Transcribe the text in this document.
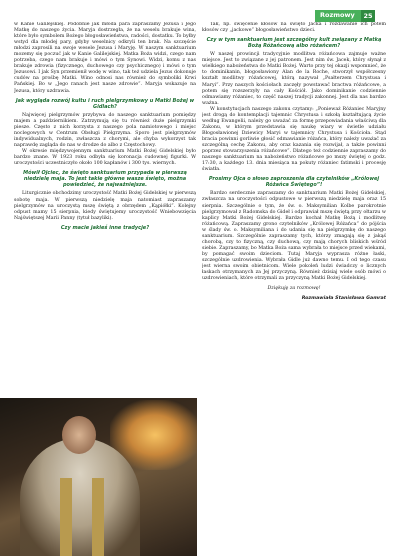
Rozmowy	25

w Kanie Galilejskiej. Podobnie jak młoda para zapraszamy Jezusa i Jego Matkę do naszego życia. Maryja dostrzegła, że na weselu brakuje wina, które było symbolem Bożego błogosławieństwa, radości, dostatku. To byłby wstyd dla młodej pary, gdyby weselnicy odkryli ten brak. Na szczęście młodzi zaprosili na swoje wesele Jezusa i Maryję. W naszym sanktuarium mozemy się poczuć jak w Kanie Galilejskiej. Matka Boża widzi, czego nam potrzeba, czego nam brakuje i mówi o tym Synowi. Widzi, komu z nas brakuje zdrowia (fizycznego, duchowego czy psychicznego) i mówi o tym Jezusowi. I jak Syn przemienił wodę w wino, tak też udziela Jezus dokonuje cudów na prośbę Matki. Wino odnosi nas również do symboliki Krwi Pańskiej. Bo w „Jego ranach jest nasze zdrowie”. Maryja wskazuje na Jezusa, który uzdrawia.

Jak wygląda rozwój kultu i ruch pielgrzymkowy u Matki Bożej w Gidlach?

Najwięcej pielgrzymów przybywa do naszego sanktuarium pomiędzy majem a październikiem. Zatrzymują się tu również duże pielgrzymki piesze. Często z nich korzysta z naszego pola namiotowego i miejsc noclegowych w Centrum Obsługi Pielgrzyma. Sporo jest pielgrzymów indywidualnych, rodzin, zwłaszcza z chorymi, ale chyba wykorzyst tak naprawdę zagląda do nas w drodze do albo z Częstochowy.

W okresie międzywojennym sanktuarium Matki Bożej Gidelskiej było bardzo znane. W 1923 roku odbyła się koronacja cudownej figurki. W uroczystości uczestniczyło około 100 kapłanów i 300 tys. wiernych.

Mówił Ojciec, że święto sanktuarium przypada w pierwszą niedzielę maja. To jest takie główne wasze święto, można powiedzieć, że najważniejsze.

Liturgicznie obchodzimy uroczystość Matki Bożej Gidelskiej w pierwszą sobotę maja. W pierwszą niedzielę maja natomiast zapraszamy pielgrzymów na uroczystą mszę świętą z obrzędem „Kąpiółki”. Kolejny odpust mamy 15 sierpnia, kiedy świętujemy uroczystość Wniebowzięcia Najświętszej Marii Panny (tytuł bazyliki).

Czy macie jakieś inne tradycje?

Tak, np. święcenie kłosów na święto Jacka i rozdawanie ich potem kłosów czy „jackowe” błogosławieństwo dzieci.

Czy w tym sanktuarium jest szczególny kult związany z Matką Bożą Różańcową albo różańcem?

W naszej prowincji tradycyjnie modlitwa różańcowa zajmuje ważne miejsce. Jest to związane z jej patronem. Jest nim św. Jacek, który słynął z wielkiego nabożeństwa do Matki Bożej. Warto przy tej okazji wspomnieć, że to dominikanin, błogosławiony Alan de la Roche, stworzył współczesny kształt modlitwy różańcowej, którą nazywał „Psałterzem Chrystusa i Maryi”. Przy naszych kościołach zaczęły powstawać bractwa różańcowe, a potem się rozszerzyły na cały Kościół. Jako dominikanie codziennie odmawiamy różaniec, to część naszej tradycji zakonnej. Jest dla nas bardzo ważna.

W konstytucjach naszego zakonu czytamy: „Ponieważ Różaniec Maryjny jest drogą do kontemplacji tajemnic Chrystusa i szkołą kształtującą życie według Ewangelii, należy go uważać za formę przepowiadania właściwą dla Zakonu, w którym przedstawia się naukę wiary w świetle udziału Błogosławionej Dziewicy Maryi w tajemnicy Chrystusa i Kościoła. Stąd bracia powinni gorliwie głosić odmawianie różańca, który należy uważać za szczególną cechę Zakonu, aby oraz kazania się rozwijał, a także powinni poprzez stowarzyszenia różańcowe”. Dlatego też codziennie zapraszamy do naszego sanktuarium na nabożeństwo różańcowe po mszy świętej o godz. 17:30, a każdego 13. dnia miesiąca na pokuty różaniec fatimski i procesję światła.

Prosimy Ojca o słowo zaproszenia dla czytelników „Królowej Różańca Świętego”!

Bardzo serdecznie zapraszamy do sanktuarium Matki Bożej Gidelskiej, zwłaszcza na uroczystości odpustowe w pierwszą niedzielę maja oraz 15 sierpnia. Szczególnie o tym, że św. o. Maksymilian Kolbe parokrotnie pielgrzymował z Radomska do Gideł i odprawiał mszę świętą przy ołtarzu w kaplicy Matki Bożej Gidelskiej. Bardzo kochał Matkę Bożą i modlitwę różańcową. Zapraszamy grono czytelników „Królowej Różańca” do pójścia w ślady św. o. Maksymiliana i do udania się na pielgrzymkę do naszego sanktuarium. Szczególnie zapraszamy tych, którzy zmagają się z jakąś chorobą, czy to fizyczną, czy duchową, czy mają chorych bliskich wśród siebie. Zapraszamy, bo Matka Boża sama wybrała to miejsce przed wiekami, by pomagać swoim dzieciom. Tutaj Maryja wyprasza różne łaski, szczególnie uzdrowienia. Wybrała Gidle już dawno temu. I od tego czasu jest wierna swoim obietnicom. Wiele pokoleń ludzi świadczy o licznych łaskach otrzymanych za Jej przyczyną. Również dzisiaj wiele osób mówi o uzdrowieniach, które otrzymali za przyczyną Matki Bożej Gidelskiej.

Dziękuję za rozmowę!

Rozmawiała Stanisława Gamrat
